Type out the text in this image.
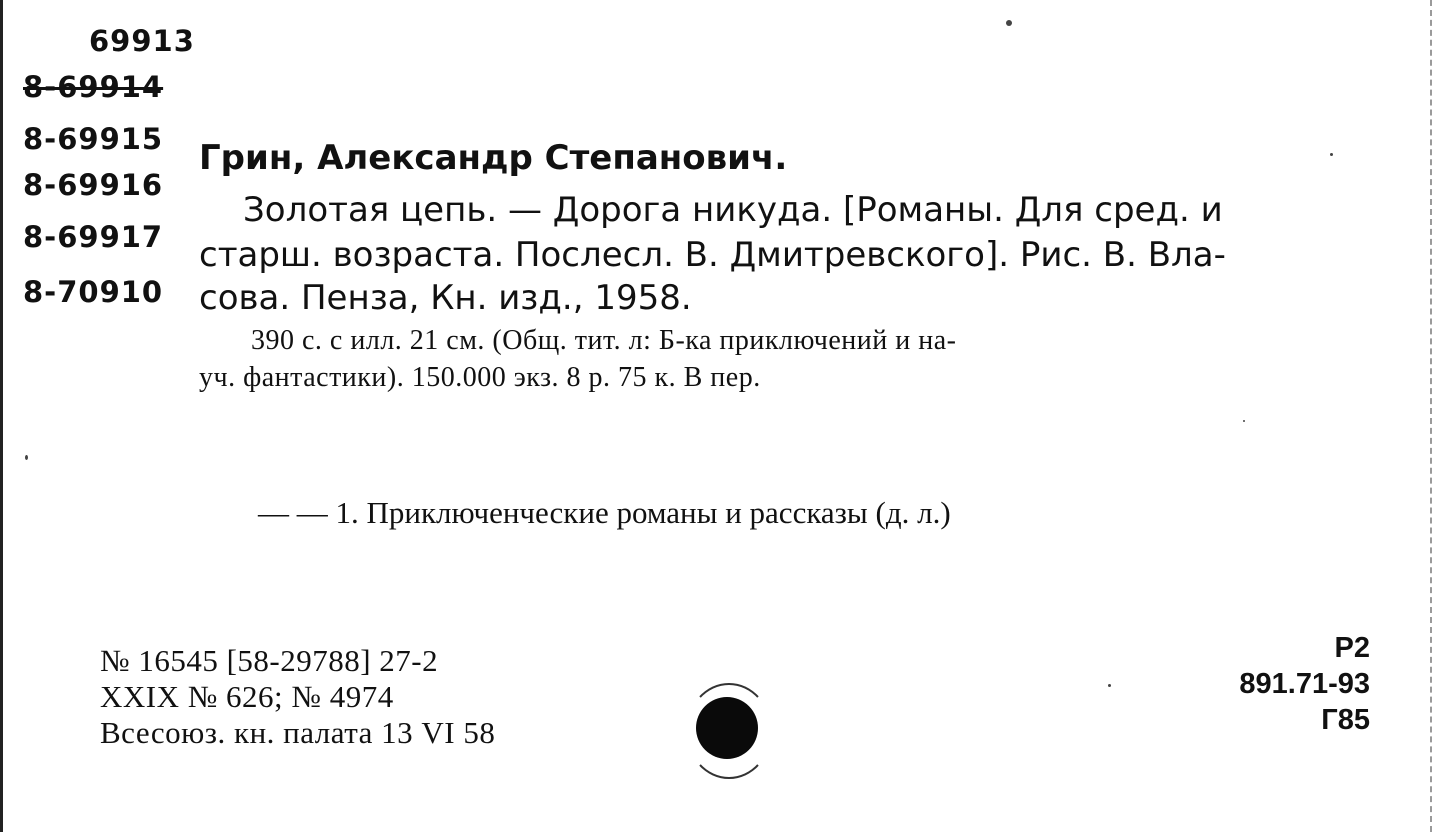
69913
8-69914
8-69915
8-69916
8-69917
8-70910
Грин, Александр Степанович.
Золотая цепь. — Дорога никуда. [Романы. Для сред. и
старш. возраста. Послесл. В. Дмитревского]. Рис. В. Вла-
сова. Пенза, Кн. изд., 1958.
390 с. с илл. 21 см. (Общ. тит. л: Б-ка приключений и на-
уч. фантастики). 150.000 экз. 8 р. 75 к. В пер.
— — 1. Приключенческие романы и рассказы (д. л.)
№ 16545 [58-29788] 27-2
XXIX № 626; № 4974
Всесоюз. кн. палата 13 VI 58
Р2
891.71-93
Г85
